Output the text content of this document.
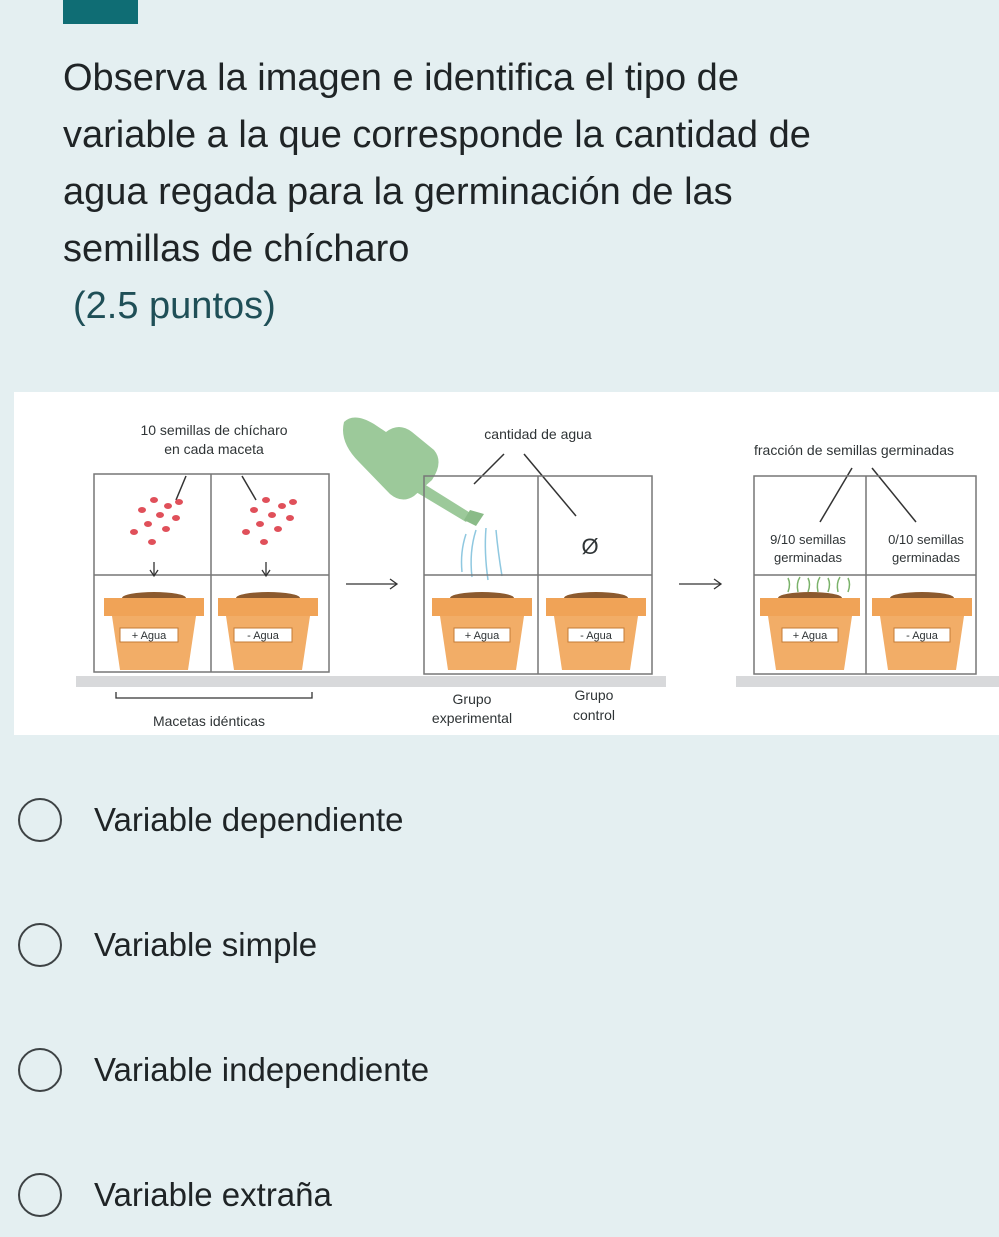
Observa la imagen e identifica el tipo de
variable a la que corresponde la cantidad de
agua regada para la germinación de las
semillas de chícharo
(2.5 puntos)
10 semillas de chícharo
en cada maceta
+ Agua	- Agua
Macetas idénticas
cantidad de agua
Ø
+ Agua	- Agua
Grupo
experimental
Grupo
control
fracción de semillas germinadas
9/10 semillas
germinadas
0/10 semillas
germinadas
+ Agua	- Agua
Variable dependiente
Variable simple
Variable independiente
Variable extraña
